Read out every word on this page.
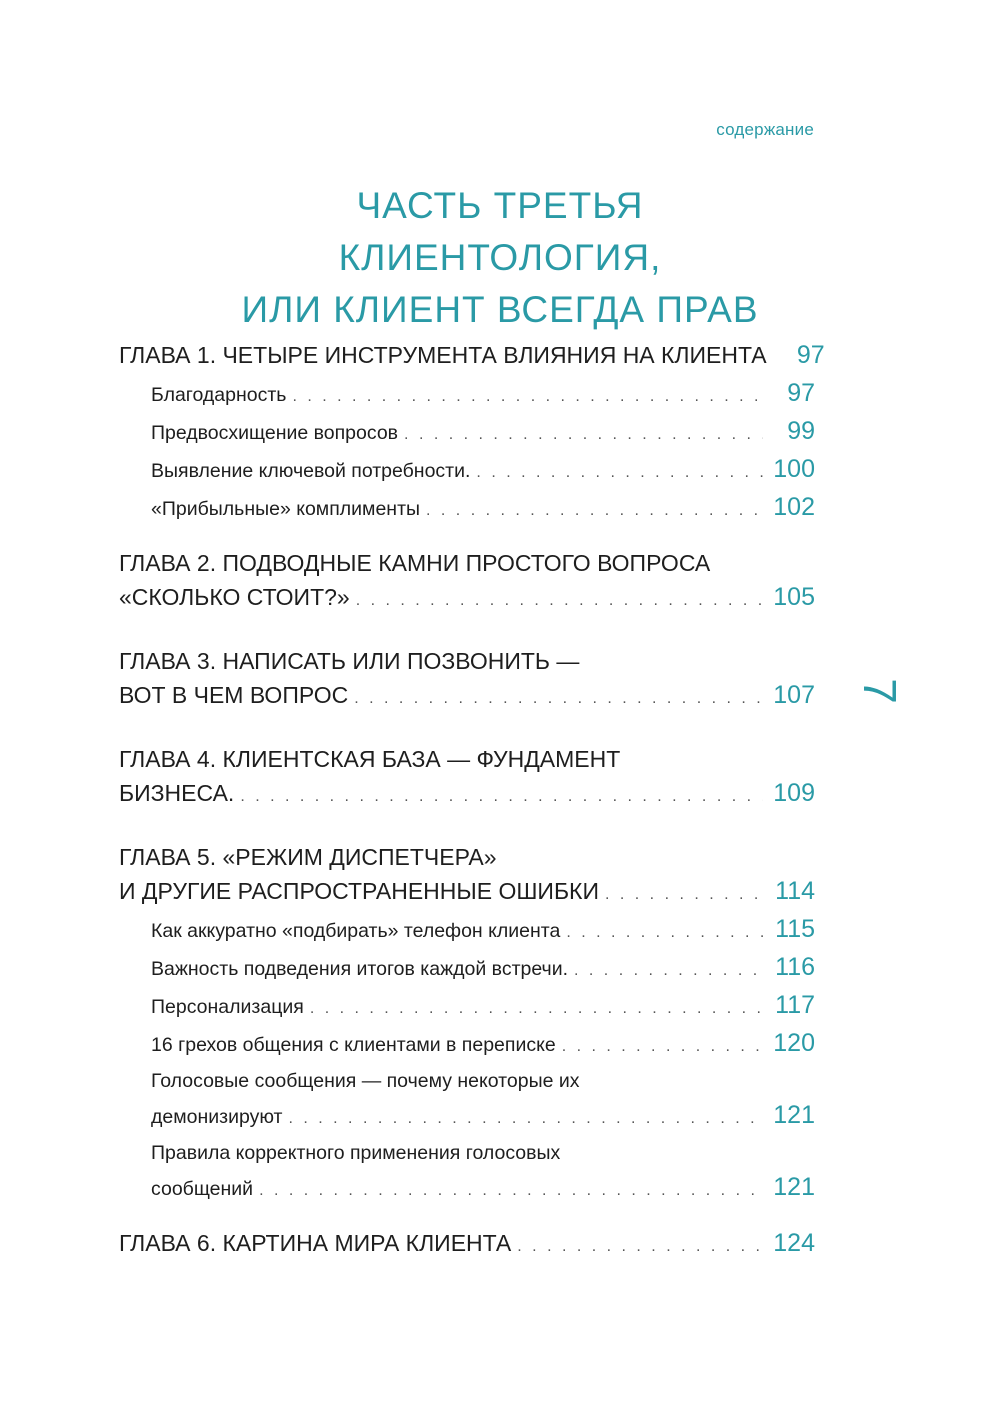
содержание
ЧАСТЬ ТРЕТЬЯ
КЛИЕНТОЛОГИЯ,
ИЛИ КЛИЕНТ ВСЕГДА ПРАВ
7
ГЛАВА 1. ЧЕТЫРЕ ИНСТРУМЕНТА ВЛИЯНИЯ НА КЛИЕНТА	97
Благодарность . . .	97
Предвосхищение вопросов . . .	99
Выявление ключевой потребности. . . .	100
«Прибыльные» комплименты . . .	102
ГЛАВА 2. ПОДВОДНЫЕ КАМНИ ПРОСТОГО ВОПРОСА
«СКОЛЬКО СТОИТ?» . . .	105
ГЛАВА 3. НАПИСАТЬ ИЛИ ПОЗВОНИТЬ —
ВОТ В ЧЕМ ВОПРОС . . .	107
ГЛАВА 4. КЛИЕНТСКАЯ БАЗА — ФУНДАМЕНТ
БИЗНЕСА. . . .	109
ГЛАВА 5. «РЕЖИМ ДИСПЕТЧЕРА»
И ДРУГИЕ РАСПРОСТРАНЕННЫЕ ОШИБКИ . . .	114
Как аккуратно «подбирать» телефон клиента . . .	115
Важность подведения итогов каждой встречи. . . .	116
Персонализация . . .	117
16 грехов общения с клиентами в переписке . . .	120
Голосовые сообщения — почему некоторые их
демонизируют . . .	121
Правила корректного применения голосовых
сообщений . . .	121
ГЛАВА 6. КАРТИНА МИРА КЛИЕНТА . . .	124
